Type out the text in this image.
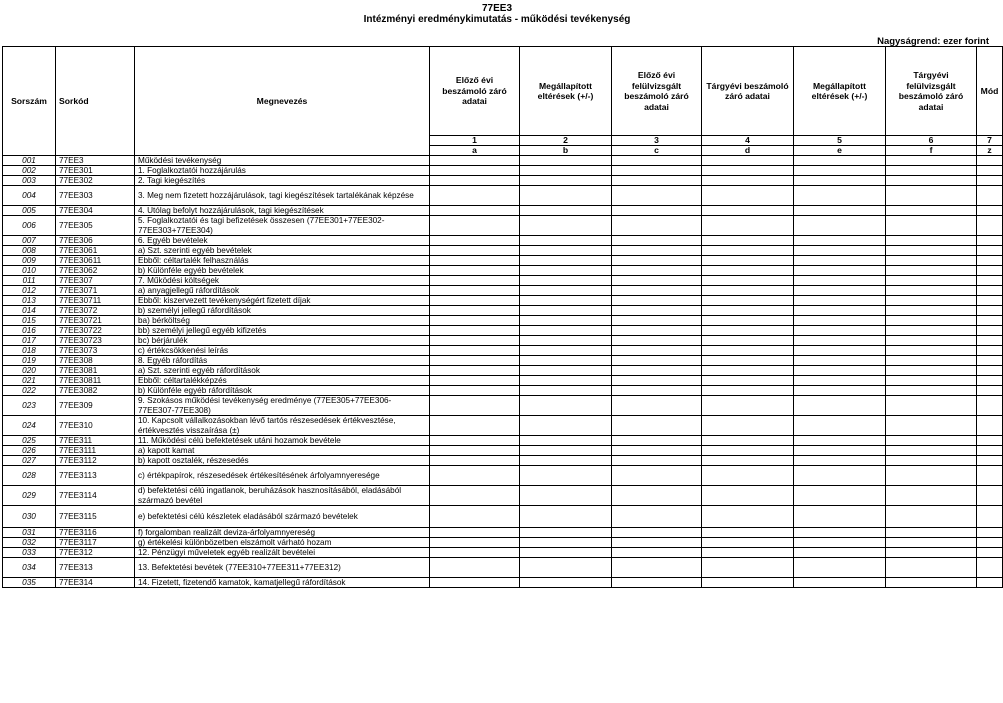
77EE3
Intézményi eredménykimutatás - működési tevékenység
Nagyságrend: ezer forint
Sorszám	Sorkód	Megnevezés	Előző évi beszámoló záró adatai	Megállapított eltérések (+/-)	Előző évi felülvizsgált beszámoló záró adatai	Tárgyévi beszámoló záró adatai	Megállapított eltérések (+/-)	Tárgyévi felülvizsgált beszámoló záró adatai	Mód
			1	2	3	4	5	6	7
			a	b	c	d	e	f	z
001	77EE3	Működési tevékenység							
002	77EE301	1. Foglalkoztatói hozzájárulás							
003	77EE302	2. Tagi kiegészítés							
004	77EE303	3. Meg nem fizetett hozzájárulások, tagi kiegészítések tartalékának képzése							
005	77EE304	4. Utólag befolyt hozzájárulások, tagi kiegészítések							
006	77EE305	5. Foglalkoztatói és tagi befizetések összesen (77EE301+77EE302-77EE303+77EE304)							
007	77EE306	6. Egyéb bevételek							
008	77EE3061	a) Szt. szerinti egyéb bevételek							
009	77EE30611	Ebből: céltartalék felhasználás							
010	77EE3062	b) Különféle egyéb bevételek							
011	77EE307	7. Működési költségek							
012	77EE3071	a) anyagjellegű ráfordítások							
013	77EE30711	Ebből: kiszervezett tevékenységért fizetett díjak							
014	77EE3072	b) személyi jellegű ráfordítások							
015	77EE30721	ba) bérköltség							
016	77EE30722	bb) személyi jellegű egyéb kifizetés							
017	77EE30723	bc) bérjárulék							
018	77EE3073	c) értékcsökkenési leírás							
019	77EE308	8. Egyéb ráfordítás							
020	77EE3081	a) Szt. szerinti egyéb ráfordítások							
021	77EE30811	Ebből: céltartalékképzés							
022	77EE3082	b) Különféle egyéb ráfordítások							
023	77EE309	9. Szokásos működési tevékenység eredménye (77EE305+77EE306-77EE307-77EE308)							
024	77EE310	10. Kapcsolt vállalkozásokban lévő tartós részesedések értékvesztése, értékvesztés visszaírása (±)							
025	77EE311	11. Működési célú befektetések utáni hozamok bevétele							
026	77EE3111	a) kapott kamat							
027	77EE3112	b) kapott osztalék, részesedés							
028	77EE3113	c) értékpapírok, részesedések értékesítésének árfolyamnyeresége							
029	77EE3114	d) befektetési célú ingatlanok, beruházások hasznosításából, eladásából származó bevétel							
030	77EE3115	e) befektetési célú készletek eladásából származó bevételek							
031	77EE3116	f) forgalomban realizált deviza-árfolyamnyereség							
032	77EE3117	g) értékelési különbözetben elszámolt várható hozam							
033	77EE312	12. Pénzügyi műveletek egyéb realizált bevételei							
034	77EE313	13. Befektetési bevétek (77EE310+77EE311+77EE312)							
035	77EE314	14. Fizetett, fizetendő kamatok, kamatjellegű ráfordítások							
